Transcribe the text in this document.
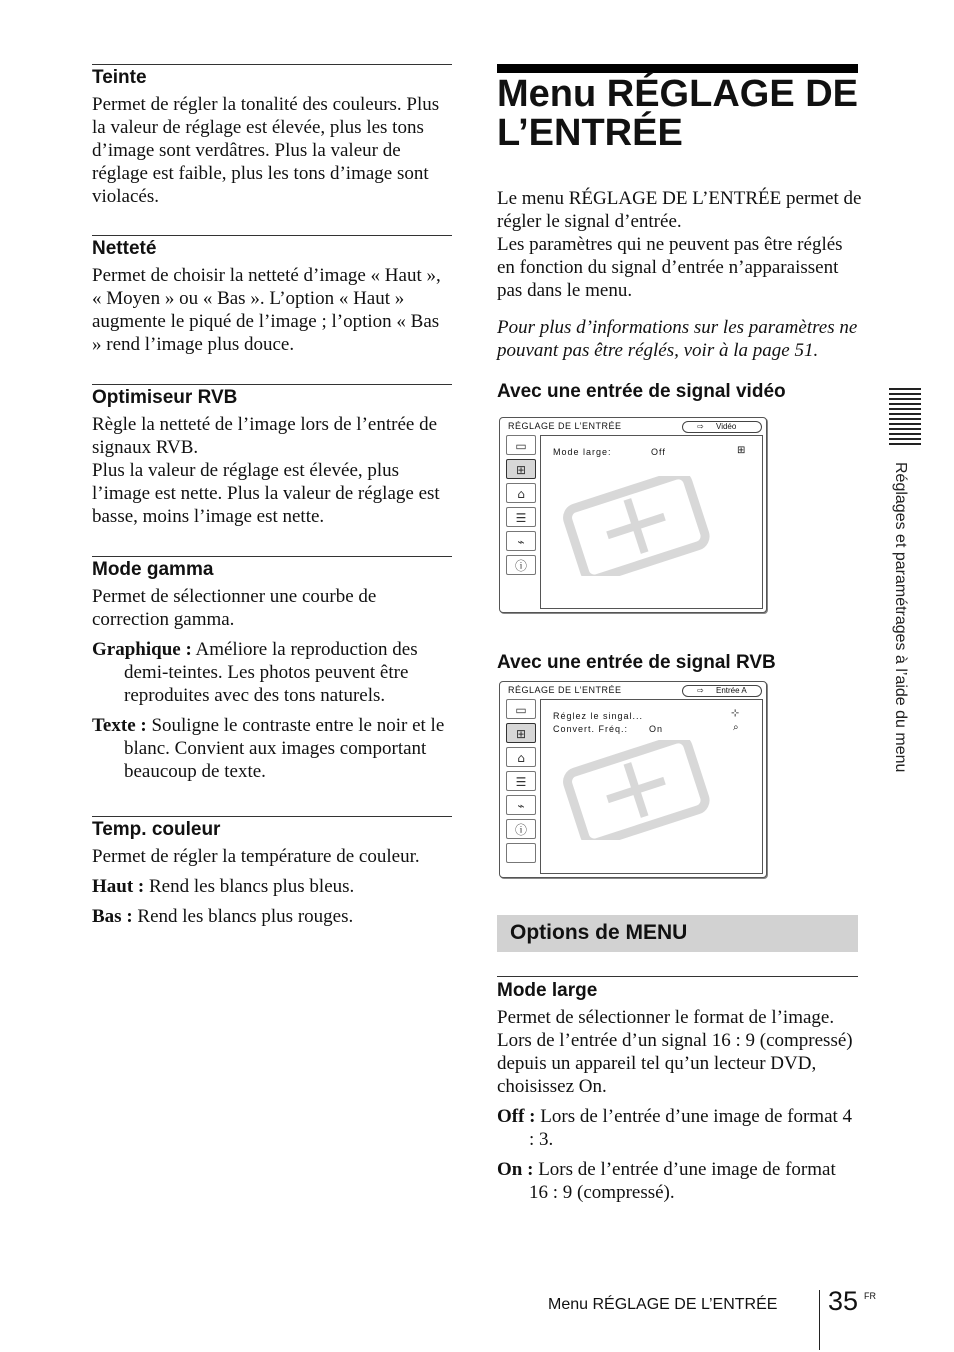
Teinte

Permet de régler la tonalité des couleurs. Plus la valeur de réglage est élevée, plus les tons d’image sont verdâtres. Plus la valeur de réglage est faible, plus les tons d’image sont violacés.

Netteté

Permet de choisir la netteté d’image « Haut », « Moyen » ou « Bas ». L’option « Haut » augmente le piqué de l’image ; l’option « Bas » rend l’image plus douce.

Optimiseur RVB

Règle la netteté de l’image lors de l’entrée de signaux RVB.

Plus la valeur de réglage est élevée, plus l’image est nette. Plus la valeur de réglage est basse, moins l’image est nette.

Mode gamma

Permet de sélectionner une courbe de correction gamma.

Graphique : Améliore la reproduction des demi-teintes. Les photos peuvent être reproduites avec des tons naturels.

Texte : Souligne le contraste entre le noir et le blanc. Convient aux images comportant beaucoup de texte.

Temp. couleur

Permet de régler la température de couleur.

Haut : Rend les blancs plus bleus.

Bas : Rend les blancs plus rouges.

Menu RÉGLAGE DE
L’ENTRÉE

Le menu RÉGLAGE DE L’ENTRÉE permet de régler le signal d’entrée.

Les paramètres qui ne peuvent pas être réglés en fonction du signal d’entrée n’apparaissent pas dans le menu.

Pour plus d’informations sur les paramètres ne pouvant pas être réglés, voir à la page 51.

Avec une entrée de signal vidéo
RÉGLAGE DE L’ENTRÉE	⇨ Vidéo
▭
⊞
⌂
☰
⌁
ⓘ
Mode large:	Off	⊞
Avec une entrée de signal RVB
RÉGLAGE DE L’ENTRÉE	⇨ Entrée A
▭
⊞
⌂
☰
⌁
ⓘ
Réglez le singal...	⊹
Convert. Fréq.: On	⌕
Options de MENU
Mode large

Permet de sélectionner le format de l’image. Lors de l’entrée d’un signal 16 : 9 (compressé) depuis un appareil tel qu’un lecteur DVD, choisissez On.

Off : Lors de l’entrée d’une image de format 4 : 3.

On : Lors de l’entrée d’une image de format 16 : 9 (compressé).

Réglages et paramétrages à l’aide du menu
Menu RÉGLAGE DE L’ENTRÉE 35 FR
